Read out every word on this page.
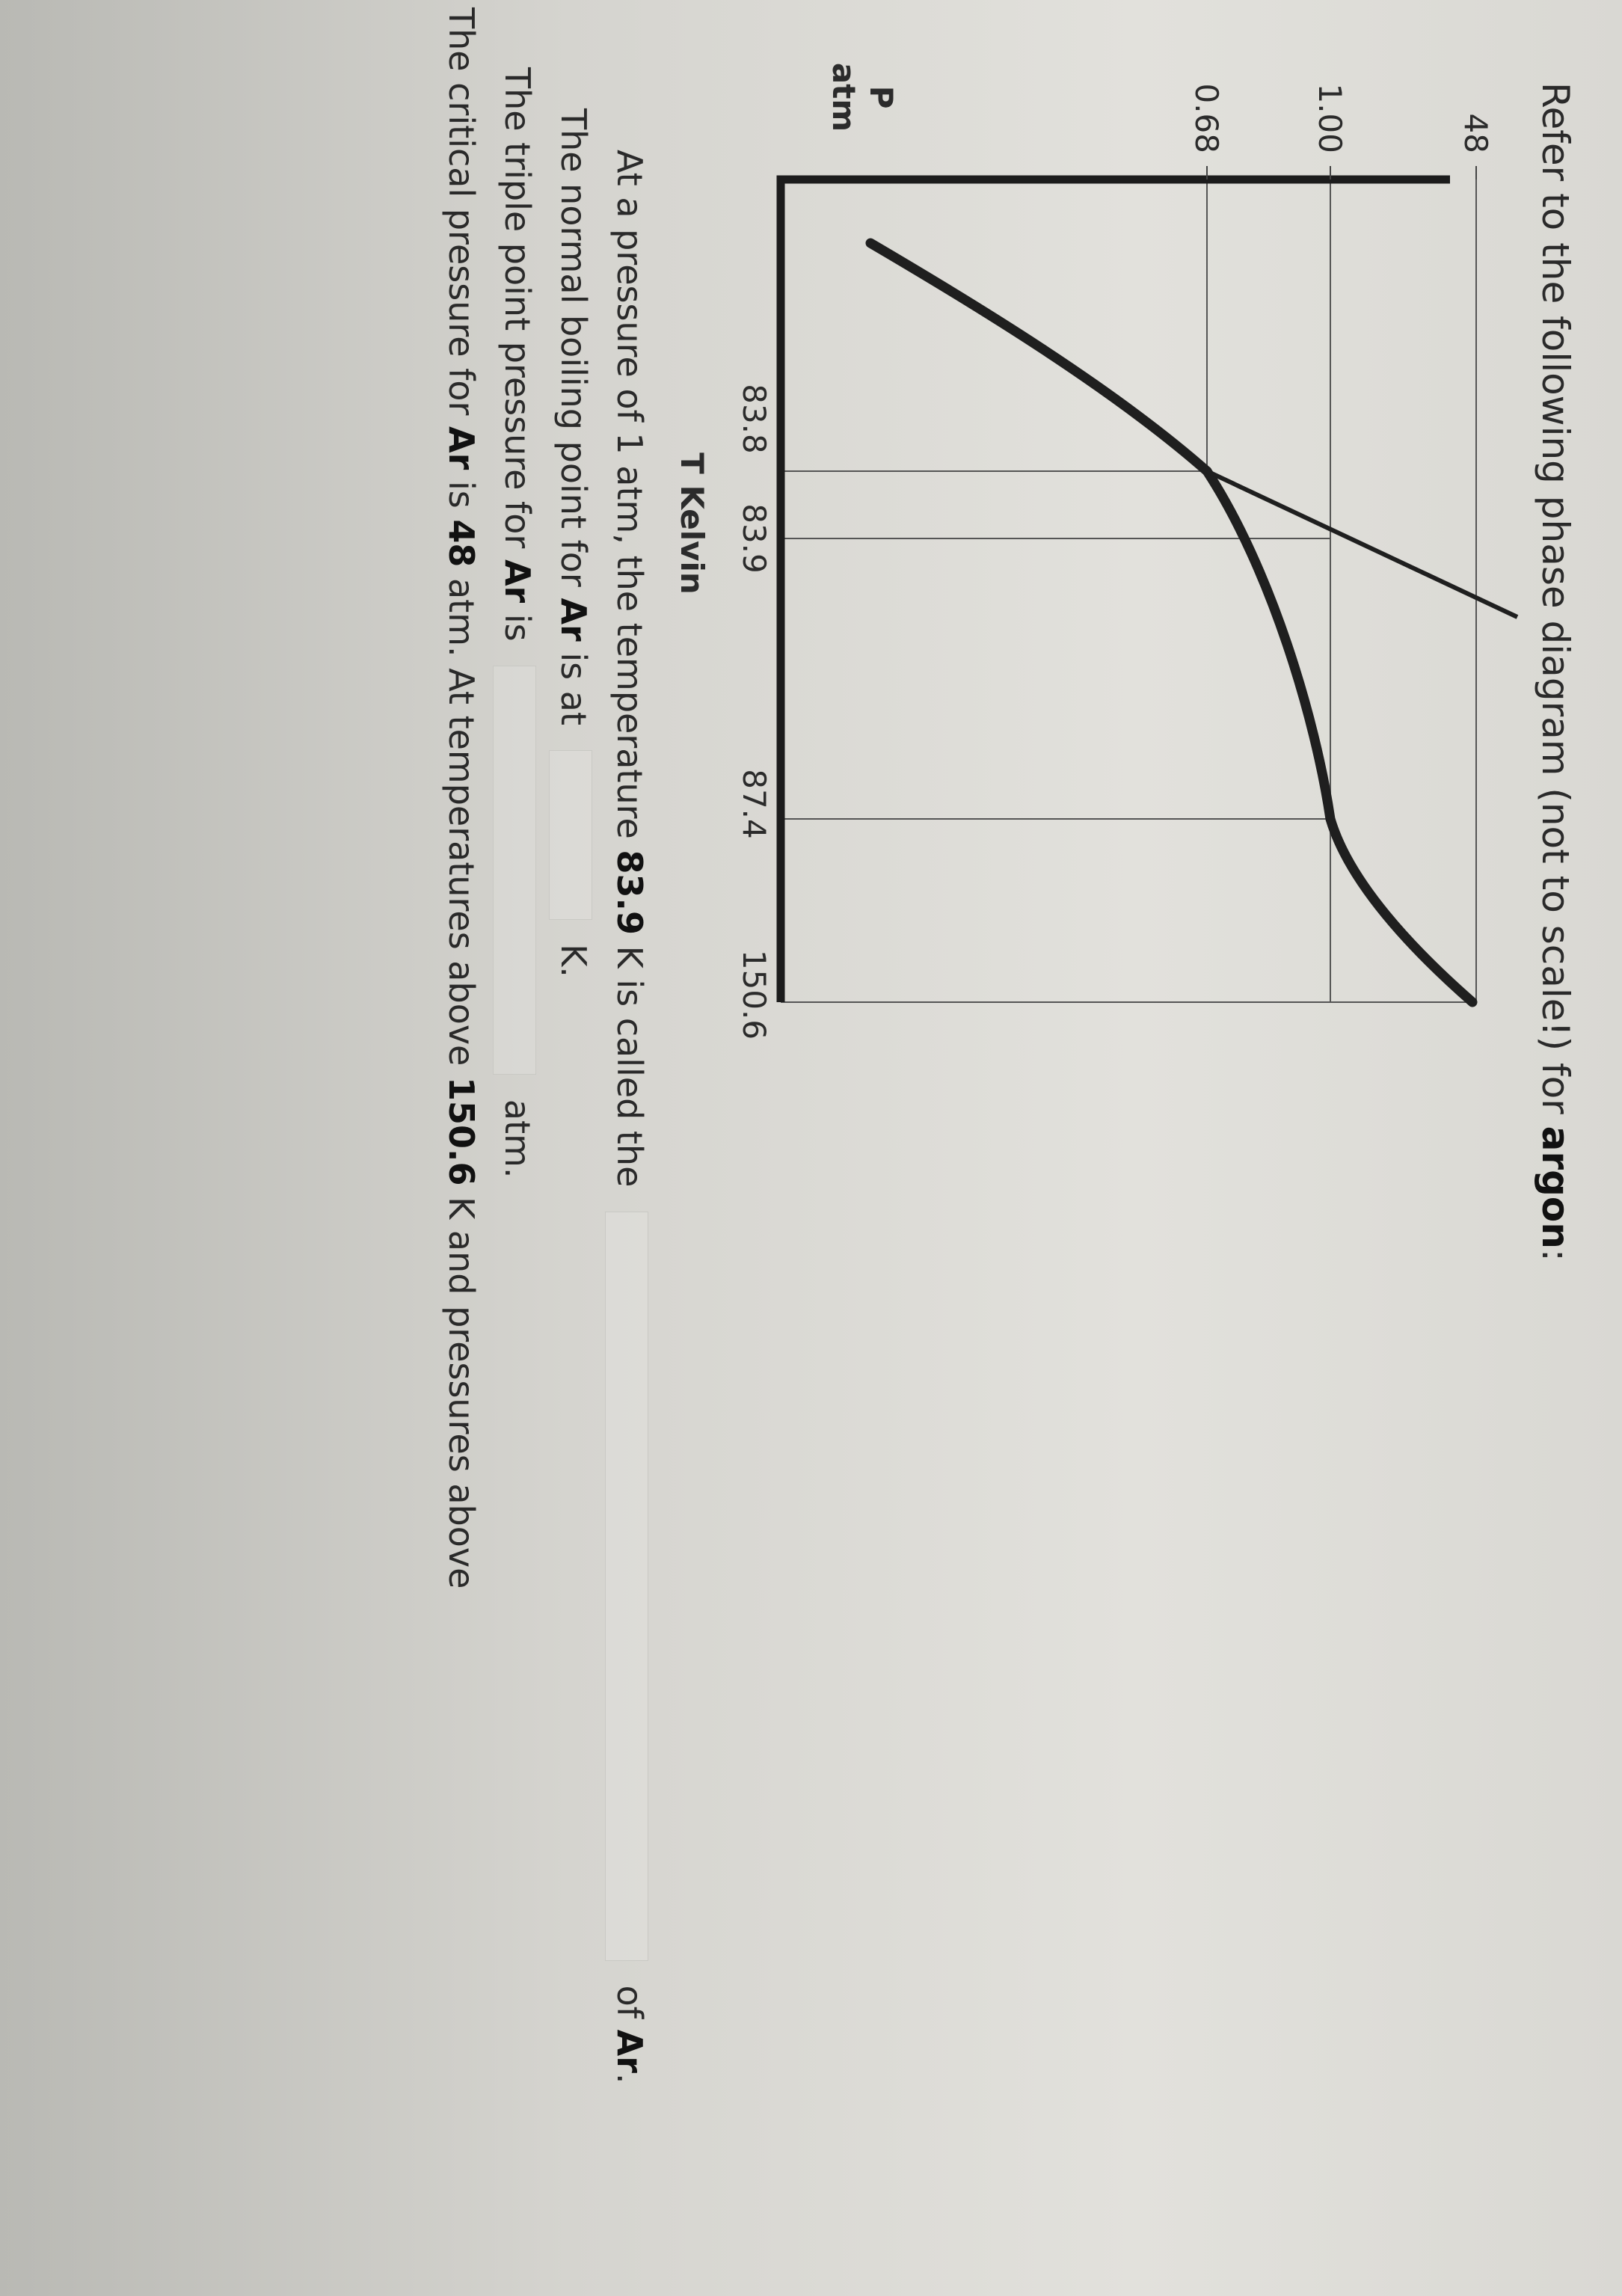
Refer to the following phase diagram (not to scale!) for argon:
48
1.00
0.68
P
atm
83.8
83.9
87.4
150.6
T Kelvin
At a pressure of 1 atm, the temperature 83.9 K is called the  of Ar.
The normal boiling point for Ar is at  K.
The triple point pressure for Ar is  atm.
The critical pressure for Ar is 48 atm. At temperatures above 150.6 K and pressures above
